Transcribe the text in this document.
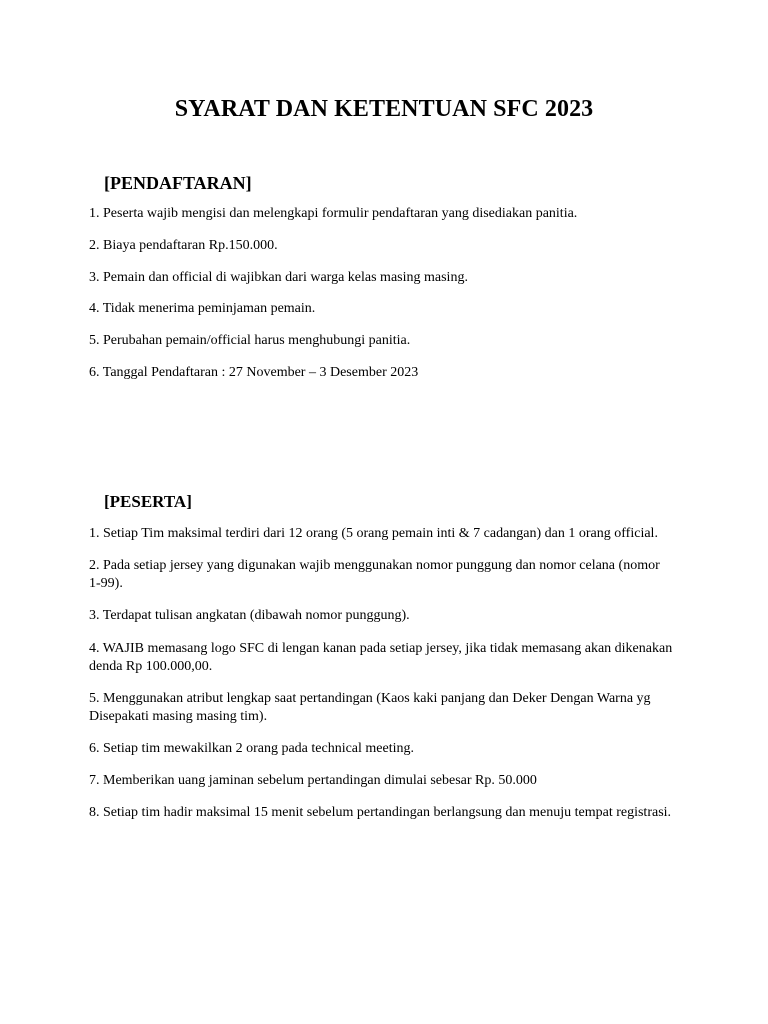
SYARAT DAN KETENTUAN SFC 2023
[PENDAFTARAN]
1. Peserta wajib mengisi dan melengkapi formulir pendaftaran yang disediakan panitia.
2. Biaya pendaftaran Rp.150.000.
3. Pemain dan official di wajibkan dari warga kelas masing masing.
4. Tidak menerima peminjaman pemain.
5. Perubahan pemain/official harus menghubungi panitia.
6. Tanggal Pendaftaran : 27 November – 3 Desember 2023
[PESERTA]
1. Setiap Tim maksimal terdiri dari 12 orang (5 orang pemain inti & 7 cadangan) dan 1 orang official.
2. Pada setiap jersey yang digunakan wajib menggunakan nomor punggung dan nomor celana (nomor 1-99).
3. Terdapat tulisan angkatan (dibawah nomor punggung).
4. WAJIB memasang logo SFC di lengan kanan pada setiap jersey, jika tidak memasang akan dikenakan denda Rp 100.000,00.
5. Menggunakan atribut lengkap saat pertandingan (Kaos kaki panjang dan Deker Dengan Warna yg Disepakati masing masing tim).
6. Setiap tim mewakilkan 2 orang pada technical meeting.
7. Memberikan uang jaminan sebelum pertandingan dimulai sebesar Rp. 50.000
8. Setiap tim hadir maksimal 15 menit sebelum pertandingan berlangsung dan menuju tempat registrasi.
